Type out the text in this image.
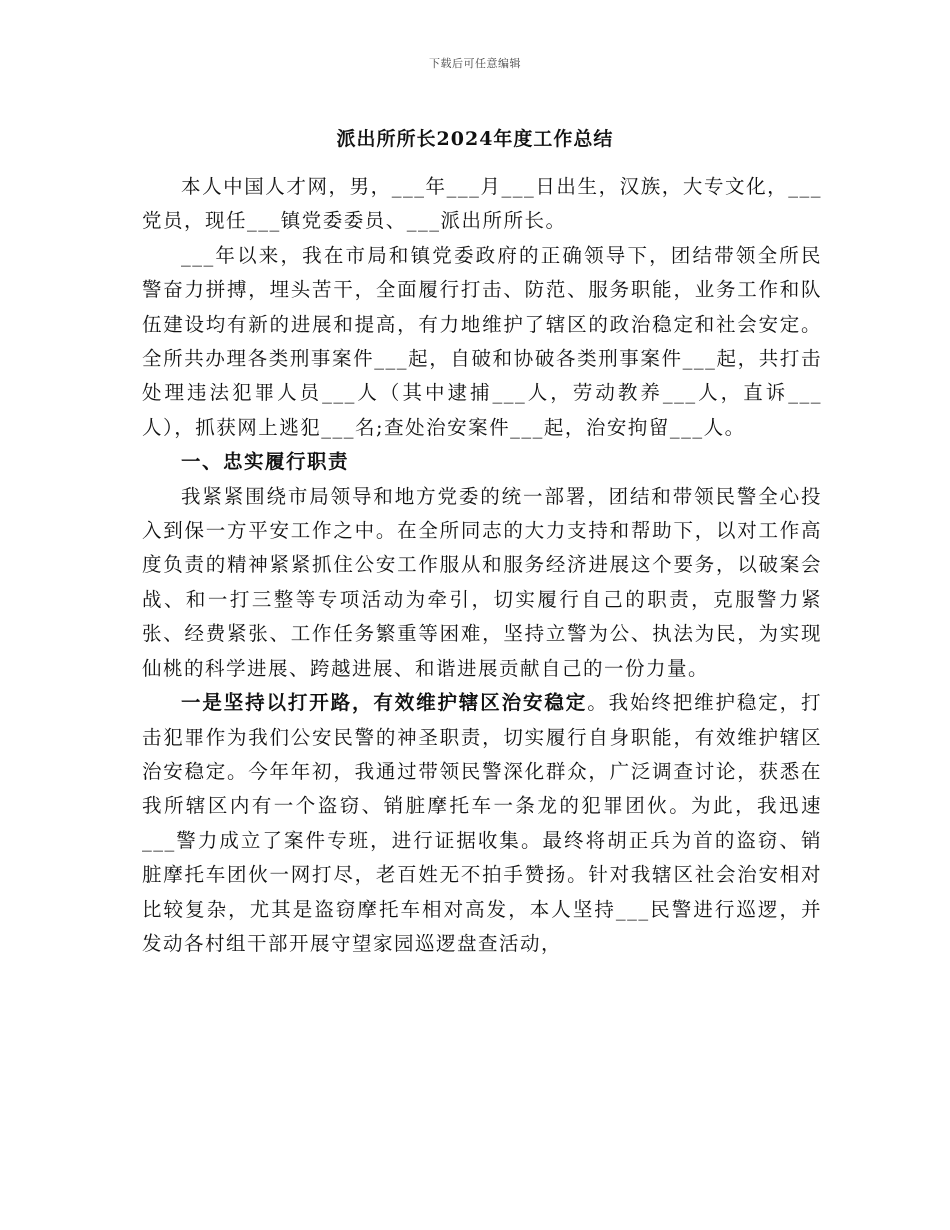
下载后可任意编辑
派出所所长2024年度工作总结

本人中国人才网，男，___年___月___日出生，汉族，大专文化，___党员，现任___镇党委委员、___派出所所长。

___年以来，我在市局和镇党委政府的正确领导下，团结带领全所民警奋力拼搏，埋头苦干，全面履行打击、防范、服务职能，业务工作和队伍建设均有新的进展和提高，有力地维护了辖区的政治稳定和社会安定。全所共办理各类刑事案件___起，自破和协破各类刑事案件___起，共打击处理违法犯罪人员___人（其中逮捕___人，劳动教养___人，直诉___人），抓获网上逃犯___名;查处治安案件___起，治安拘留___人。

一、忠实履行职责

我紧紧围绕市局领导和地方党委的统一部署，团结和带领民警全心投入到保一方平安工作之中。在全所同志的大力支持和帮助下，以对工作高度负责的精神紧紧抓住公安工作服从和服务经济进展这个要务，以破案会战、和一打三整等专项活动为牵引，切实履行自己的职责，克服警力紧张、经费紧张、工作任务繁重等困难，坚持立警为公、执法为民，为实现仙桃的科学进展、跨越进展、和谐进展贡献自己的一份力量。

一是坚持以打开路，有效维护辖区治安稳定。我始终把维护稳定，打击犯罪作为我们公安民警的神圣职责，切实履行自身职能，有效维护辖区治安稳定。今年年初，我通过带领民警深化群众，广泛调查讨论，获悉在我所辖区内有一个盗窃、销脏摩托车一条龙的犯罪团伙。为此，我迅速___警力成立了案件专班，进行证据收集。最终将胡正兵为首的盗窃、销脏摩托车团伙一网打尽，老百姓无不拍手赞扬。针对我辖区社会治安相对比较复杂，尤其是盗窃摩托车相对高发，本人坚持___民警进行巡逻，并发动各村组干部开展守望家园巡逻盘查活动，
